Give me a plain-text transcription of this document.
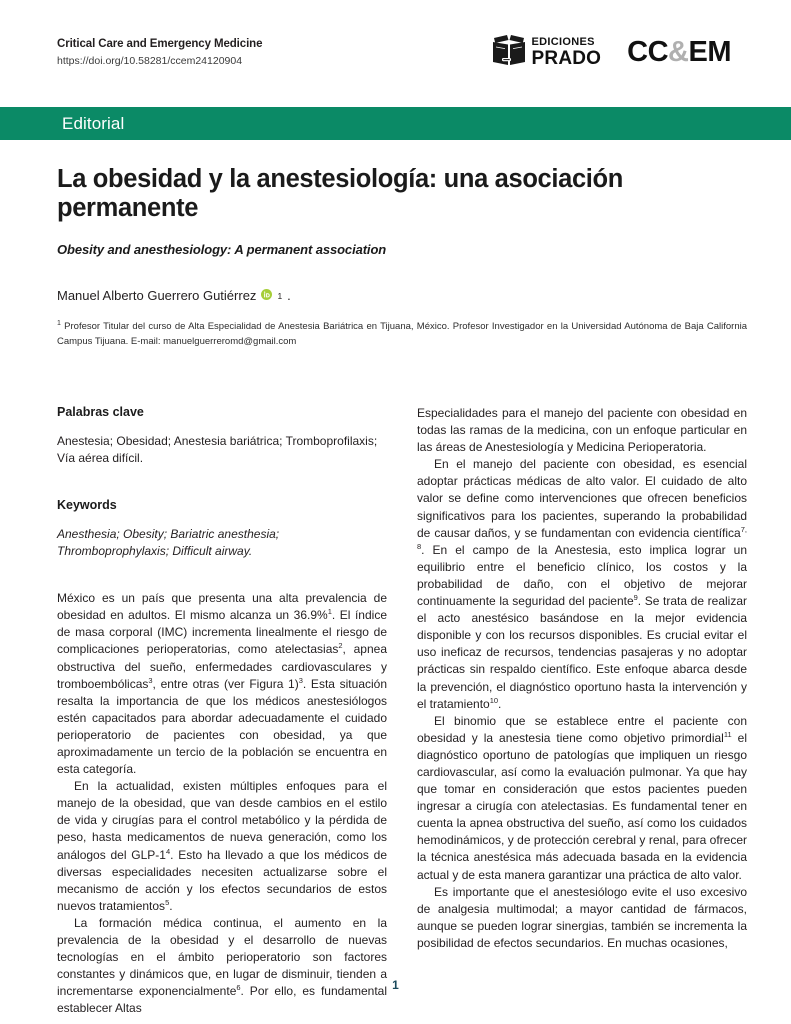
Critical Care and Emergency Medicine
https://doi.org/10.58281/ccem24120904
EDICIONES
PRADO CC&EM
Editorial
La obesidad y la anestesiología: una asociación permanente

Obesity and anesthesiology: A permanent association

Manuel Alberto Guerrero Gutiérrez 1 .

$^1$ Profesor Titular del curso de Alta Especialidad de Anestesia Bariátrica en Tijuana, México. Profesor Investigador en la Universidad Autónoma de Baja California Campus Tijuana. E-mail: manuelguerreromd@gmail.com

Palabras clave

Anestesia; Obesidad; Anestesia bariátrica; Tromboprofilaxis; Vía aérea difícil.

Keywords

Anesthesia; Obesity; Bariatric anesthesia; Thromboprophylaxis; Difficult airway.

México es un país que presenta una alta prevalencia de obesidad en adultos. El mismo alcanza un 36.9%$^1$. El índice de masa corporal (IMC) incrementa linealmente el riesgo de complicaciones perioperatorias, como atelectasias$^2$, apnea obstructiva del sueño, enfermedades cardiovasculares y tromboembólicas$^3$, entre otras (ver Figura 1)$^3$. Esta situación resalta la importancia de que los médicos anestesiólogos estén capacitados para abordar adecuadamente el cuidado perioperatorio de pacientes con obesidad, ya que aproximadamente un tercio de la población se encuentra en esta categoría.

En la actualidad, existen múltiples enfoques para el manejo de la obesidad, que van desde cambios en el estilo de vida y cirugías para el control metabólico y la pérdida de peso, hasta medicamentos de nueva generación, como los análogos del GLP-$1^4$. Esto ha llevado a que los médicos de diversas especialidades necesiten actualizarse sobre el mecanismo de acción y los efectos secundarios de estos nuevos tratamientos$^5$.

La formación médica continua, el aumento en la prevalencia de la obesidad y el desarrollo de nuevas tecnologías en el ámbito perioperatorio son factores constantes y dinámicos que, en lugar de disminuir, tienden a incrementarse exponencialmente$^6$. Por ello, es fundamental establecer Altas

Especialidades para el manejo del paciente con obesidad en todas las ramas de la medicina, con un enfoque particular en las áreas de Anestesiología y Medicina Perioperatoria.

En el manejo del paciente con obesidad, es esencial adoptar prácticas médicas de alto valor. El cuidado de alto valor se define como intervenciones que ofrecen beneficios significativos para los pacientes, superando la probabilidad de causar daños, y se fundamentan con evidencia científica$^{7, 8}$. En el campo de la Anestesia, esto implica lograr un equilibrio entre el beneficio clínico, los costos y la probabilidad de daño, con el objetivo de mejorar continuamente la seguridad del paciente$^9$. Se trata de realizar el acto anestésico basándose en la mejor evidencia disponible y con los recursos disponibles. Es crucial evitar el uso ineficaz de recursos, tendencias pasajeras y no adoptar prácticas sin respaldo científico. Este enfoque abarca desde la prevención, el diagnóstico oportuno hasta la intervención y el tratamiento$^{10}$.

El binomio que se establece entre el paciente con obesidad y la anestesia tiene como objetivo primordial$^{11}$ el diagnóstico oportuno de patologías que impliquen un riesgo cardiovascular, así como la evaluación pulmonar. Ya que hay que tomar en consideración que estos pacientes pueden ingresar a cirugía con atelectasias. Es fundamental tener en cuenta la apnea obstructiva del sueño, así como los cuidados hemodinámicos, y de protección cerebral y renal, para ofrecer la técnica anestésica más adecuada basada en la evidencia actual y de esta manera garantizar una práctica de alto valor.

Es importante que el anestesiólogo evite el uso excesivo de analgesia multimodal; a mayor cantidad de fármacos, aunque se pueden lograr sinergias, también se incrementa la posibilidad de efectos secundarios. En muchas ocasiones,

1
